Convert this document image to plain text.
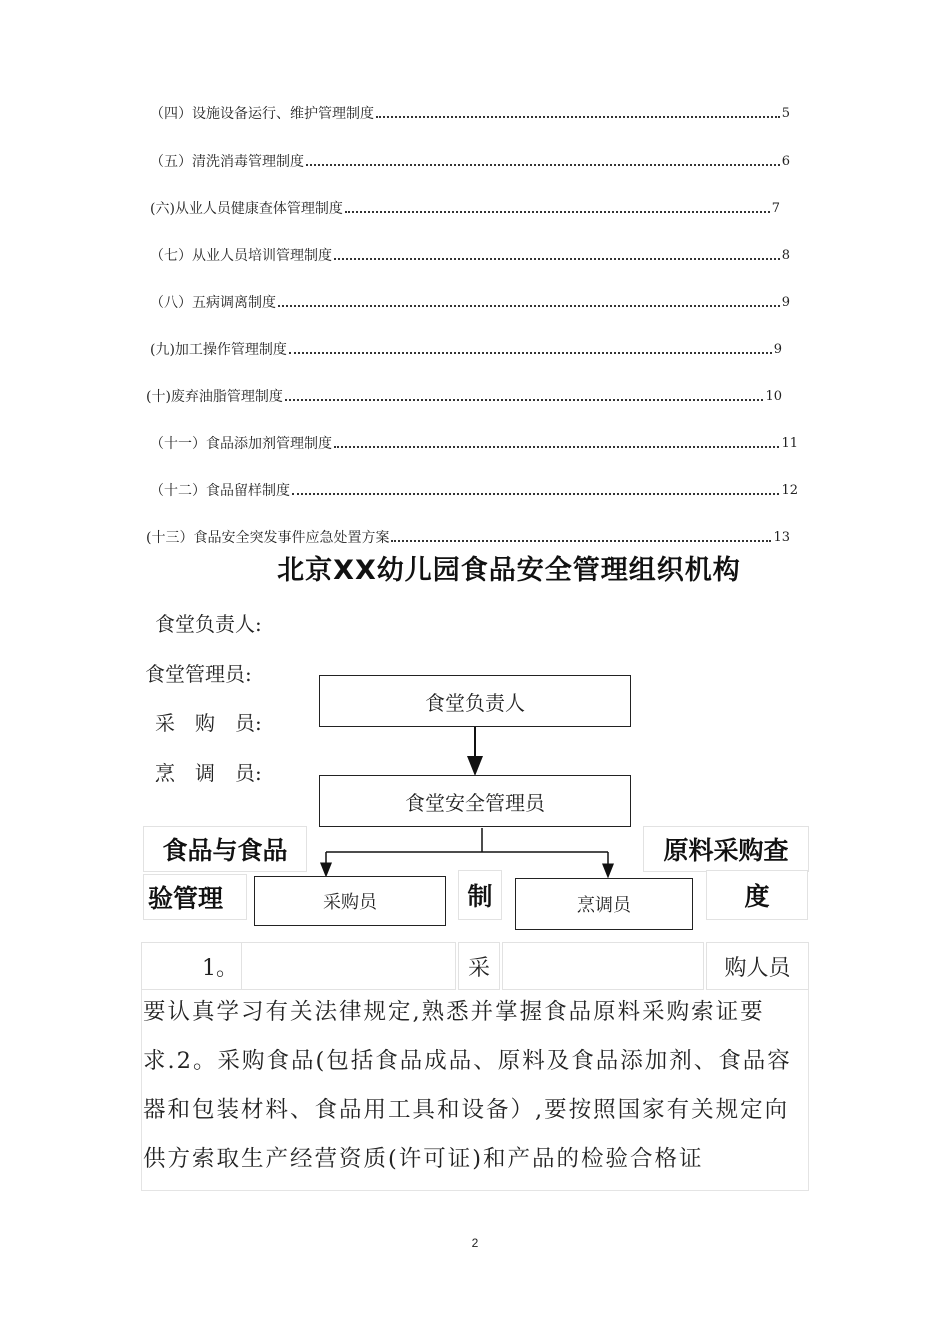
（四）设施设备运行、维护管理制度	5
（五）清洗消毒管理制度	6
(六)从业人员健康查体管理制度	7
（七）从业人员培训管理制度	8
（八）五病调离制度	9
(九)加工操作管理制度	9
(十)废弃油脂管理制度	10
（十一）食品添加剂管理制度	11
（十二）食品留样制度	12
(十三）食品安全突发事件应急处置方案	13
北京XX幼儿园食品安全管理组织机构
食堂负责人:
食堂管理员:
采　购　员:
烹　调　员:
食堂负责人
食堂安全管理员
食品与食品	原料采购查
验管理	制	度
采购员	烹调员
1。	采	购人员
要认真学习有关法律规定,熟悉并掌握食品原料采购索证要求.2。采购食品(包括食品成品、原料及食品添加剂、食品容器和包装材料、食品用工具和设备）,要按照国家有关规定向供方索取生产经营资质(许可证)和产品的检验合格证
2
